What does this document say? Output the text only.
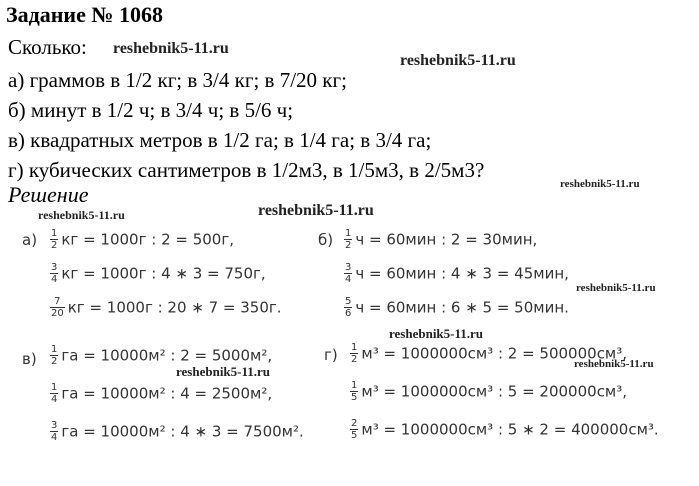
Задание № 1068
Сколько:
а) граммов в 1/2 кг; в 3/4 кг; в 7/20 кг;
б) минут в 1/2 ч; в 3/4 ч; в 5/6 ч;
в) квадратных метров в 1/2 га; в 1/4 га; в 3/4 га;
г) кубических сантиметров в 1/2м3, в 1/5м3, в 2/5м3?
Решение
reshebnik5-11.ru
reshebnik5-11.ru
reshebnik5-11.ru
reshebnik5-11.ru	reshebnik5-11.ru
reshebnik5-11.ru
reshebnik5-11.ru
reshebnik5-11.ru	reshebnik5-11.ru
$а) \frac{1}{2}$ кг = 1000г : 2 = 500г,
$\frac{3}{4}$ кг = 1000г : 4 ∗ 3 = 750г,
$\frac{7}{20}$ кг = 1000г : 20 ∗ 7 = 350г.
$б) \frac{1}{2}$ ч = 60мин : 2 = 30мин,
$\frac{3}{4}$ ч = 60мин : 4 ∗ 3 = 45мин,
$\frac{5}{6}$ ч = 60мин : 6 ∗ 5 = 50мин.
$в) \frac{1}{2}$ га = 10000м² : 2 = 5000м²,
$\frac{1}{4}$ га = 10000м² : 4 = 2500м²,
$\frac{3}{4}$ га = 10000м² : 4 ∗ 3 = 7500м².
$г) \frac{1}{2} м^3 = 1000000см^3$ : 2 = 500000см³,
$\frac{1}{5} м^3 = 1000000см^3$ : 5 = 200000см³,
$\frac{2}{5} м^3 = 1000000см^3$ : 5 ∗ 2 = 400000см³.
